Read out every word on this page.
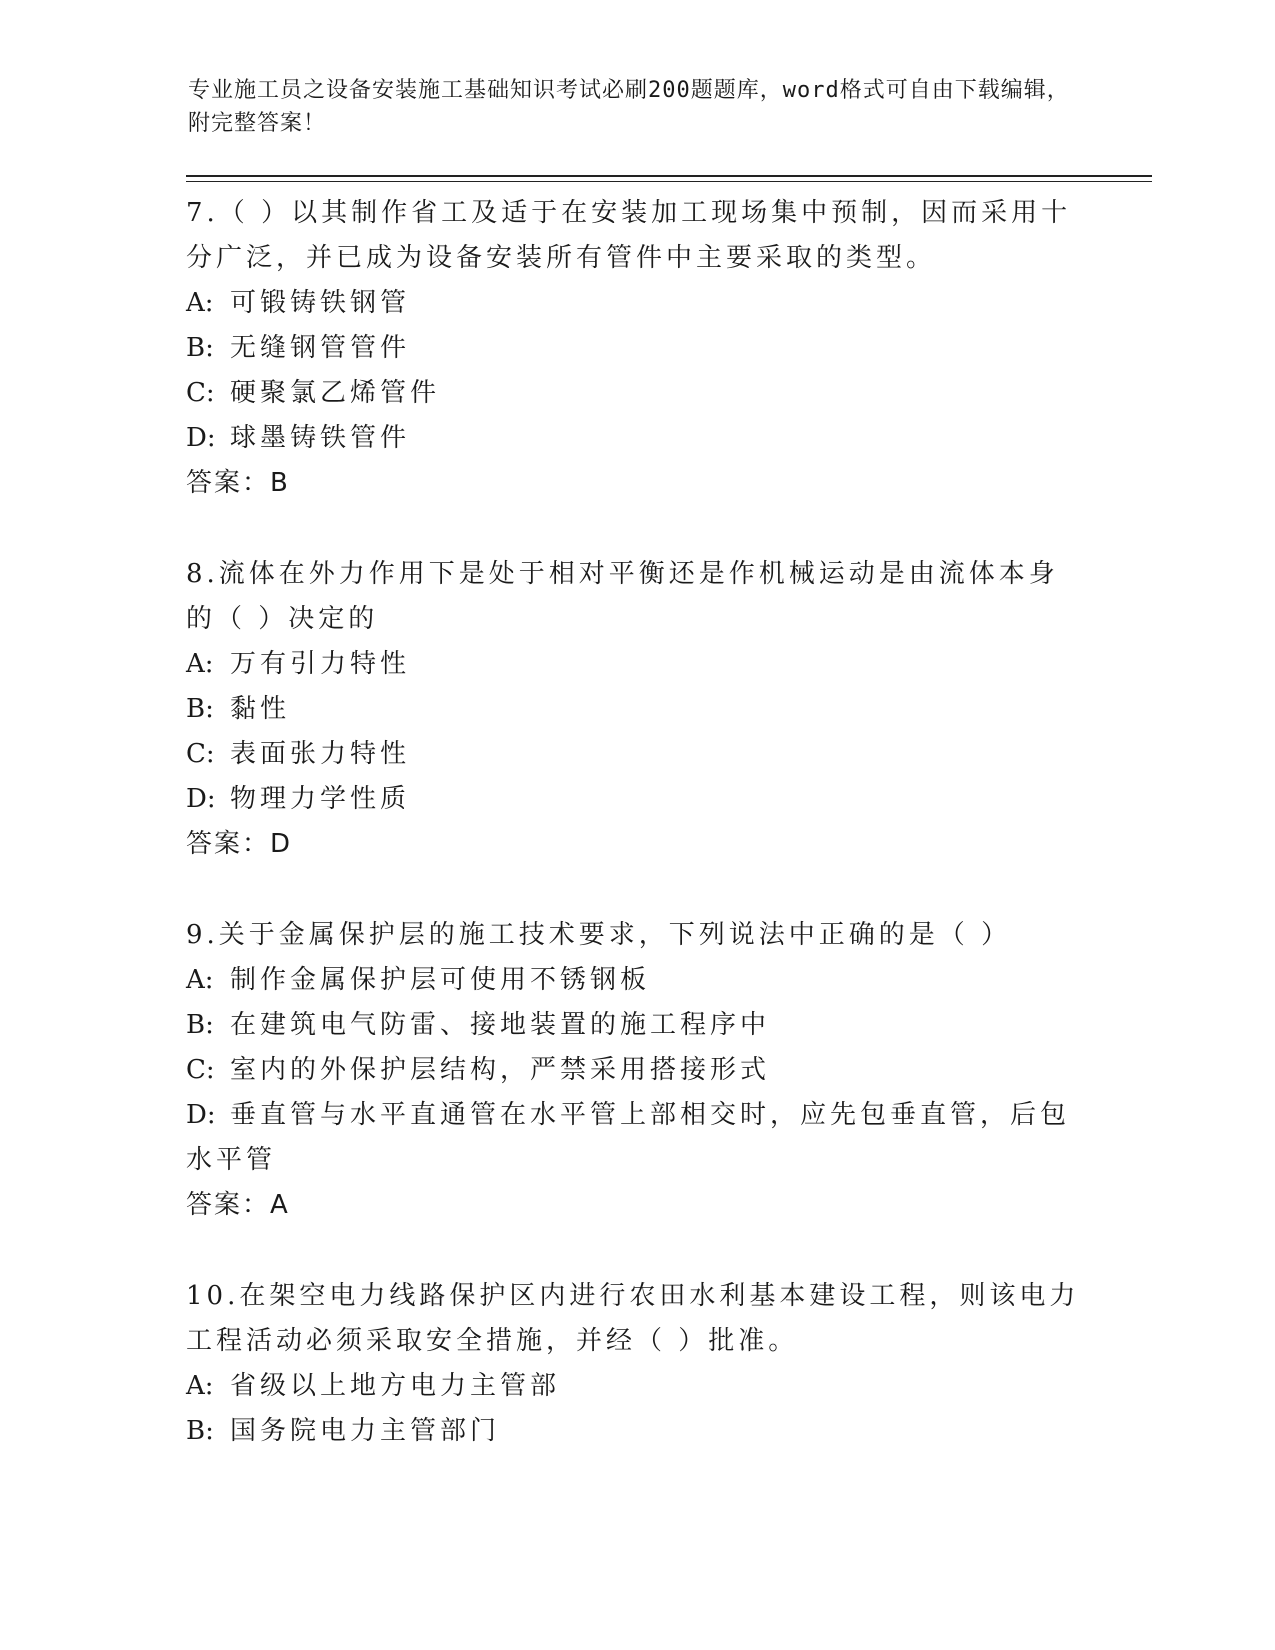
专业施工员之设备安装施工基础知识考试必刷200题题库，word格式可自由下载编辑，附完整答案！
7.（ ）以其制作省工及适于在安装加工现场集中预制，因而采用十分广泛，并已成为设备安装所有管件中主要采取的类型。
A: 可锻铸铁钢管
B: 无缝钢管管件
C: 硬聚氯乙烯管件
D: 球墨铸铁管件
答案：B
8.流体在外力作用下是处于相对平衡还是作机械运动是由流体本身的（ ）决定的
A: 万有引力特性
B: 黏性
C: 表面张力特性
D: 物理力学性质
答案：D
9.关于金属保护层的施工技术要求，下列说法中正确的是（ ）
A: 制作金属保护层可使用不锈钢板
B: 在建筑电气防雷、接地装置的施工程序中
C: 室内的外保护层结构，严禁采用搭接形式
D: 垂直管与水平直通管在水平管上部相交时，应先包垂直管，后包水平管
答案：A
10.在架空电力线路保护区内进行农田水利基本建设工程，则该电力工程活动必须采取安全措施，并经（ ）批准。
A: 省级以上地方电力主管部
B: 国务院电力主管部门
